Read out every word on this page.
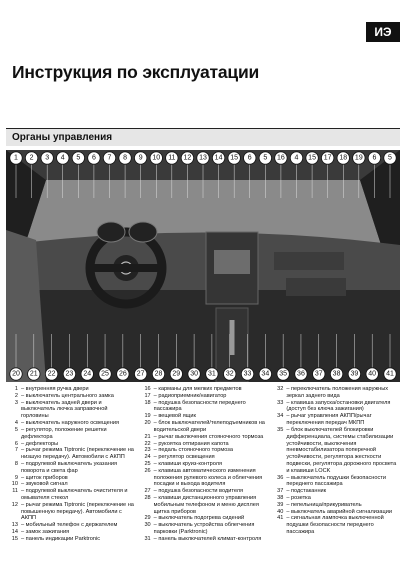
ИЭ
Инструкция по эксплуатации
Органы управления
1 2 3 4 5 6 7 8 9 10 11 12 13 14 15 6 5 16 4 15 17 18 19 6 5
20 21 22 23 24 25 26 27 28 29 30 31 32 33 34 35 36 37 38 39 40 41
1 – внутренняя ручка двери
2 – выключатель центрального замка
3 – выключатель задней двери и выключатель лючка заправочной горловины
4 – выключатель наружного освещения
5 – регулятор, положение решетки дефлектора
6 – дефлекторы
7 – рычаг режима Tiptronic (переключение на низшую передачу). Автомобили с АКПП
8 – подрулевой выключатель указания поворота и света фар
9 – щиток приборов
10 – звуковой сигнал
11 – подрулевой выключатель очистителя и омывателя стекол
12 – рычаг режима Tiptronic (переключение на повышенную передачу). Автомобили с АКПП
13 – мобильный телефон с держателем
14 – замок зажигания
15 – панель индикации Parktronic
16 – карманы для мелких предметов
17 – радиоприемник/навигатор
18 – подушка безопасности переднего пассажира
19 – вещевой ящик
20 – блок выключателей/телеподъемников на водительской двери
21 – рычаг выключения стояночного тормоза
22 – рукоятка отпирания капота
23 – педаль стояночного тормоза
24 – регулятор освещения
25 – клавиши круиз-контроля
26 – клавиша автоматического изменения положения рулевого колеса и облегчения посадки и выхода водителя
27 – подушка безопасности водителя
28 – клавиши дистанционного управления мобильным телефоном и меню дисплея щитка приборов
29 – выключатель подогрева сидений
30 – выключатель устройства облегчения парковки (Parktronic)
31 – панель выключателей климат-контроля
32 – переключатель положения наружных зеркал заднего вида
33 – клавиша запуска/остановки двигателя (доступ без ключа зажигания)
34 – рычаг управления АКПП/рычаг переключения передач МКПП
35 – блок выключателей блокировки дифференциала, системы стабилизации устойчивости, выключения пневмостабилизатора поперечной устойчивости, регулятора жесткости подвески, регулятора дорожного просвета и клавиши LOCK
36 – выключатель подушки безопасности переднего пассажира
37 – подстаканник
38 – розетка
39 – пепельница/прикуриватель
40 – выключатель аварийной сигнализации
41 – сигнальная лампочка выключенной подушки безопасности переднего пассажира
